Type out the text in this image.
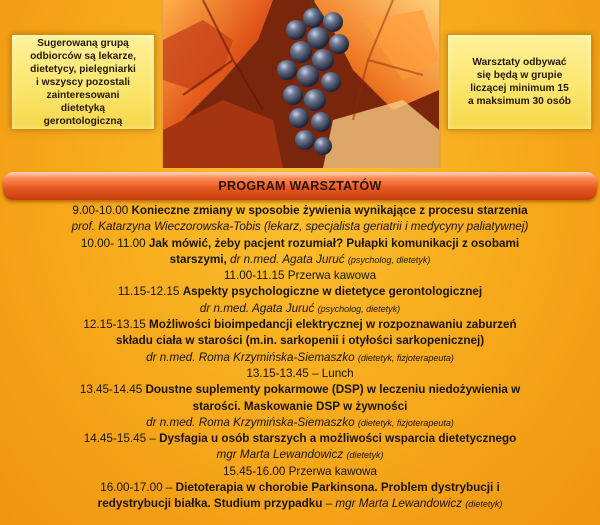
Sugerowaną grupą
odbiorców są lekarze,
dietetycy, pielęgniarki
i wszyscy pozostali
zainteresowani
dietetyką
gerontologiczną
Warsztaty odbywać
się będą w grupie
liczącej minimum 15
a maksimum 30 osób
PROGRAM WARSZTATÓW
9.00-10.00 Konieczne zmiany w sposobie żywienia wynikające z procesu starzenia
prof. Katarzyna Wieczorowska-Tobis (lekarz, specjalista geriatrii i medycyny paliatywnej)
10.00- 11.00 Jak mówić, żeby pacjent rozumiał? Pułapki komunikacji z osobami
starszymi, dr n.med. Agata Juruć (psycholog, dietetyk)
11.00-11.15 Przerwa kawowa
11.15-12.15 Aspekty psychologiczne w dietetyce gerontologicznej
dr n.med. Agata Juruć (psycholog, dietetyk)
12.15-13.15 Możliwości bioimpedancji elektrycznej w rozpoznawaniu zaburzeń
składu ciała w starości (m.in. sarkopenii i otyłości sarkopenicznej)
dr n.med. Roma Krzymińska-Siemaszko (dietetyk, fizjoterapeuta)
13.15-13.45 – Lunch
13.45-14.45 Doustne suplementy pokarmowe (DSP) w leczeniu niedożywienia w
starości. Maskowanie DSP w żywności
dr n.med. Roma Krzymińska-Siemaszko (dietetyk, fizjoterapeuta)
14.45-15.45 – Dysfagia u osób starszych a możliwości wsparcia dietetycznego
mgr Marta Lewandowicz (dietetyk)
15.45-16.00 Przerwa kawowa
16.00-17.00 – Dietoterapia w chorobie Parkinsona. Problem dystrybucji i
redystrybucji białka. Studium przypadku – mgr Marta Lewandowicz (dietetyk)
